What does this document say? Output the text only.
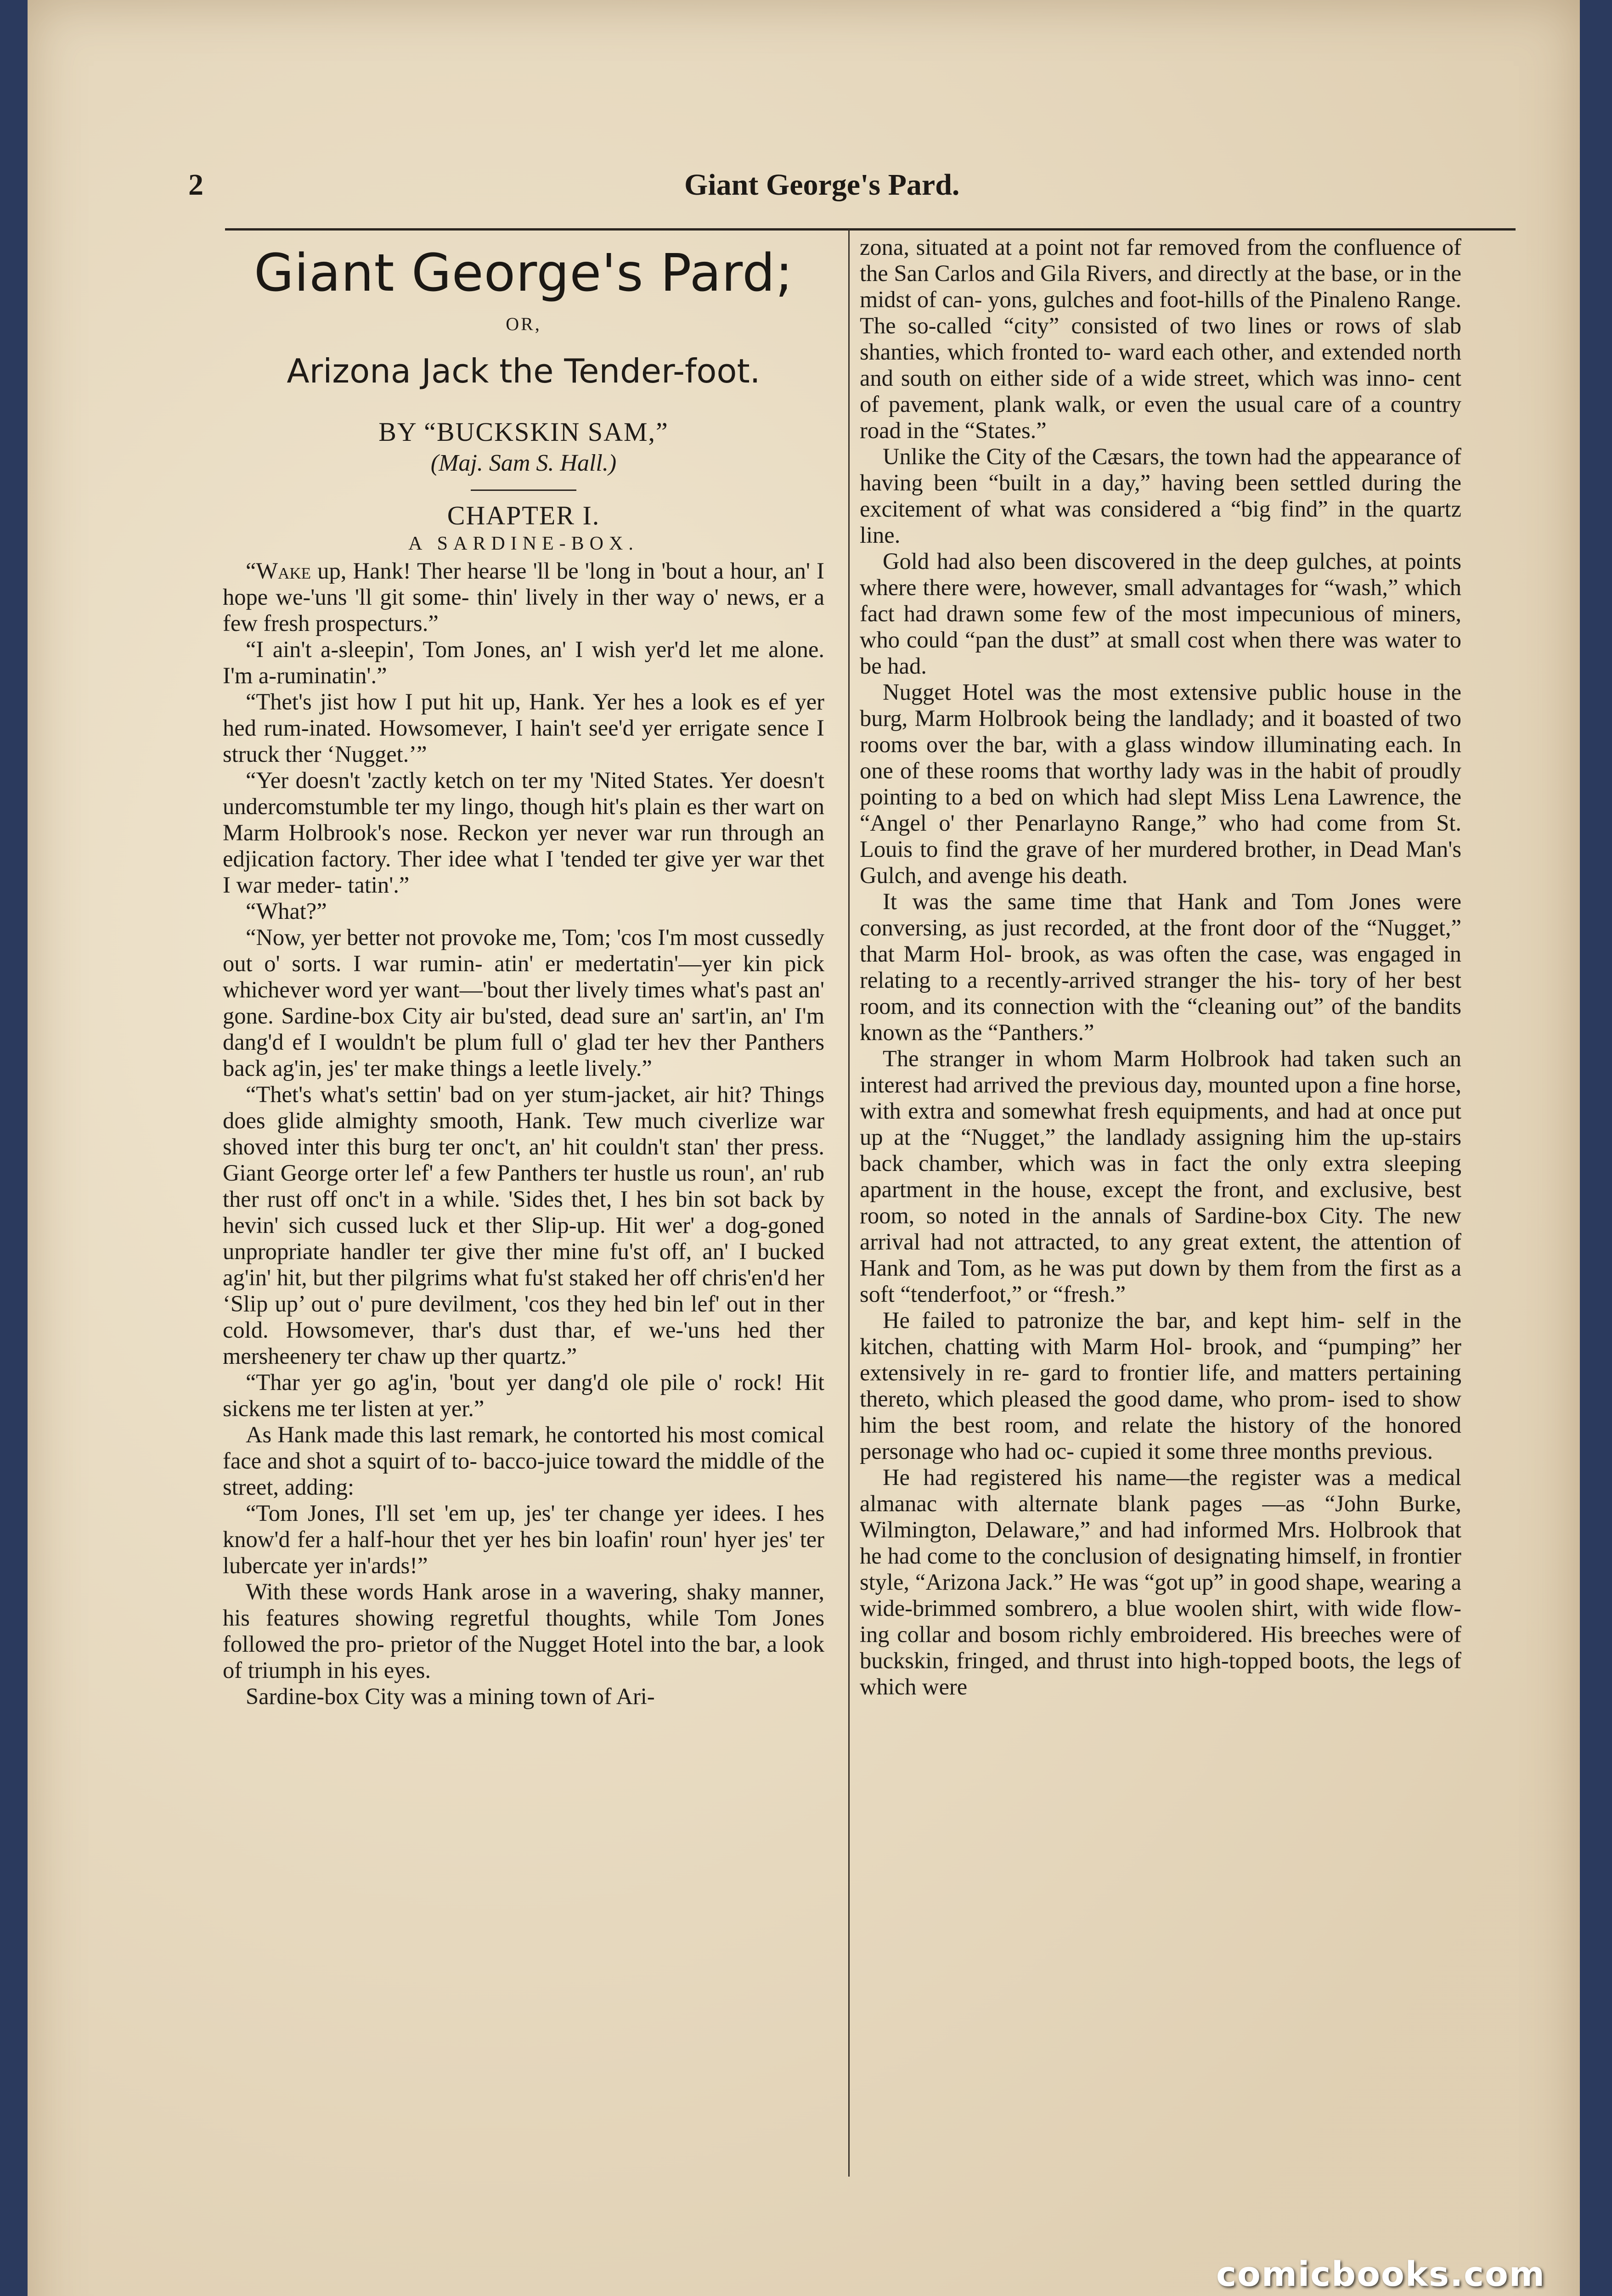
2	Giant George's Pard.
Giant George's Pard;
OR,
Arizona Jack the Tender-foot.
BY “BUCKSKIN SAM,”
(Maj. Sam S. Hall.)
CHAPTER I.
A SARDINE-BOX.

“Wake up, Hank! Ther hearse 'll be 'long in 'bout a hour, an' I hope we-'uns 'll git some- thin' lively in ther way o' news, er a few fresh prospecturs.”

“I ain't a-sleepin', Tom Jones, an' I wish yer'd let me alone. I'm a-ruminatin'.”

“Thet's jist how I put hit up, Hank. Yer hes a look es ef yer hed rum-inated. Howsomever, I hain't see'd yer errigate sence I struck ther ‘Nugget.’”

“Yer doesn't 'zactly ketch on ter my 'Nited States. Yer doesn't undercomstumble ter my lingo, though hit's plain es ther wart on Marm Holbrook's nose. Reckon yer never war run through an edjication factory. Ther idee what I 'tended ter give yer war thet I war meder- tatin'.”

“What?”

“Now, yer better not provoke me, Tom; 'cos I'm most cussedly out o' sorts. I war rumin- atin' er medertatin'—yer kin pick whichever word yer want—'bout ther lively times what's past an' gone. Sardine-box City air bu'sted, dead sure an' sart'in, an' I'm dang'd ef I wouldn't be plum full o' glad ter hev ther Panthers back ag'in, jes' ter make things a leetle lively.”

“Thet's what's settin' bad on yer stum-jacket, air hit? Things does glide almighty smooth, Hank. Tew much civerlize war shoved inter this burg ter onc't, an' hit couldn't stan' ther press. Giant George orter lef' a few Panthers ter hustle us roun', an' rub ther rust off onc't in a while. 'Sides thet, I hes bin sot back by hevin' sich cussed luck et ther Slip-up. Hit wer' a dog-goned unpropriate handler ter give ther mine fu'st off, an' I bucked ag'in' hit, but ther pilgrims what fu'st staked her off chris'en'd her ‘Slip up’ out o' pure devilment, 'cos they hed bin lef' out in ther cold. Howsomever, thar's dust thar, ef we-'uns hed ther mersheenery ter chaw up ther quartz.”

“Thar yer go ag'in, 'bout yer dang'd ole pile o' rock! Hit sickens me ter listen at yer.”

As Hank made this last remark, he contorted his most comical face and shot a squirt of to- bacco-juice toward the middle of the street, adding:

“Tom Jones, I'll set 'em up, jes' ter change yer idees. I hes know'd fer a half-hour thet yer hes bin loafin' roun' hyer jes' ter lubercate yer in'ards!”

With these words Hank arose in a wavering, shaky manner, his features showing regretful thoughts, while Tom Jones followed the pro- prietor of the Nugget Hotel into the bar, a look of triumph in his eyes.

Sardine-box City was a mining town of Ari-

zona, situated at a point not far removed from the confluence of the San Carlos and Gila Rivers, and directly at the base, or in the midst of can- yons, gulches and foot-hills of the Pinaleno Range. The so-called “city” consisted of two lines or rows of slab shanties, which fronted to- ward each other, and extended north and south on either side of a wide street, which was inno- cent of pavement, plank walk, or even the usual care of a country road in the “States.”

Unlike the City of the Cæsars, the town had the appearance of having been “built in a day,” having been settled during the excitement of what was considered a “big find” in the quartz line.

Gold had also been discovered in the deep gulches, at points where there were, however, small advantages for “wash,” which fact had drawn some few of the most impecunious of miners, who could “pan the dust” at small cost when there was water to be had.

Nugget Hotel was the most extensive public house in the burg, Marm Holbrook being the landlady; and it boasted of two rooms over the bar, with a glass window illuminating each. In one of these rooms that worthy lady was in the habit of proudly pointing to a bed on which had slept Miss Lena Lawrence, the “Angel o' ther Penarlayno Range,” who had come from St. Louis to find the grave of her murdered brother, in Dead Man's Gulch, and avenge his death.

It was the same time that Hank and Tom Jones were conversing, as just recorded, at the front door of the “Nugget,” that Marm Hol- brook, as was often the case, was engaged in relating to a recently-arrived stranger the his- tory of her best room, and its connection with the “cleaning out” of the bandits known as the “Panthers.”

The stranger in whom Marm Holbrook had taken such an interest had arrived the previous day, mounted upon a fine horse, with extra and somewhat fresh equipments, and had at once put up at the “Nugget,” the landlady assigning him the up-stairs back chamber, which was in fact the only extra sleeping apartment in the house, except the front, and exclusive, best room, so noted in the annals of Sardine-box City. The new arrival had not attracted, to any great extent, the attention of Hank and Tom, as he was put down by them from the first as a soft “tenderfoot,” or “fresh.”

He failed to patronize the bar, and kept him- self in the kitchen, chatting with Marm Hol- brook, and “pumping” her extensively in re- gard to frontier life, and matters pertaining thereto, which pleased the good dame, who prom- ised to show him the best room, and relate the history of the honored personage who had oc- cupied it some three months previous.

He had registered his name—the register was a medical almanac with alternate blank pages —as “John Burke, Wilmington, Delaware,” and had informed Mrs. Holbrook that he had come to the conclusion of designating himself, in frontier style, “Arizona Jack.” He was “got up” in good shape, wearing a wide-brimmed sombrero, a blue woolen shirt, with wide flow- ing collar and bosom richly embroidered. His breeches were of buckskin, fringed, and thrust into high-topped boots, the legs of which were

comicbooks.com
